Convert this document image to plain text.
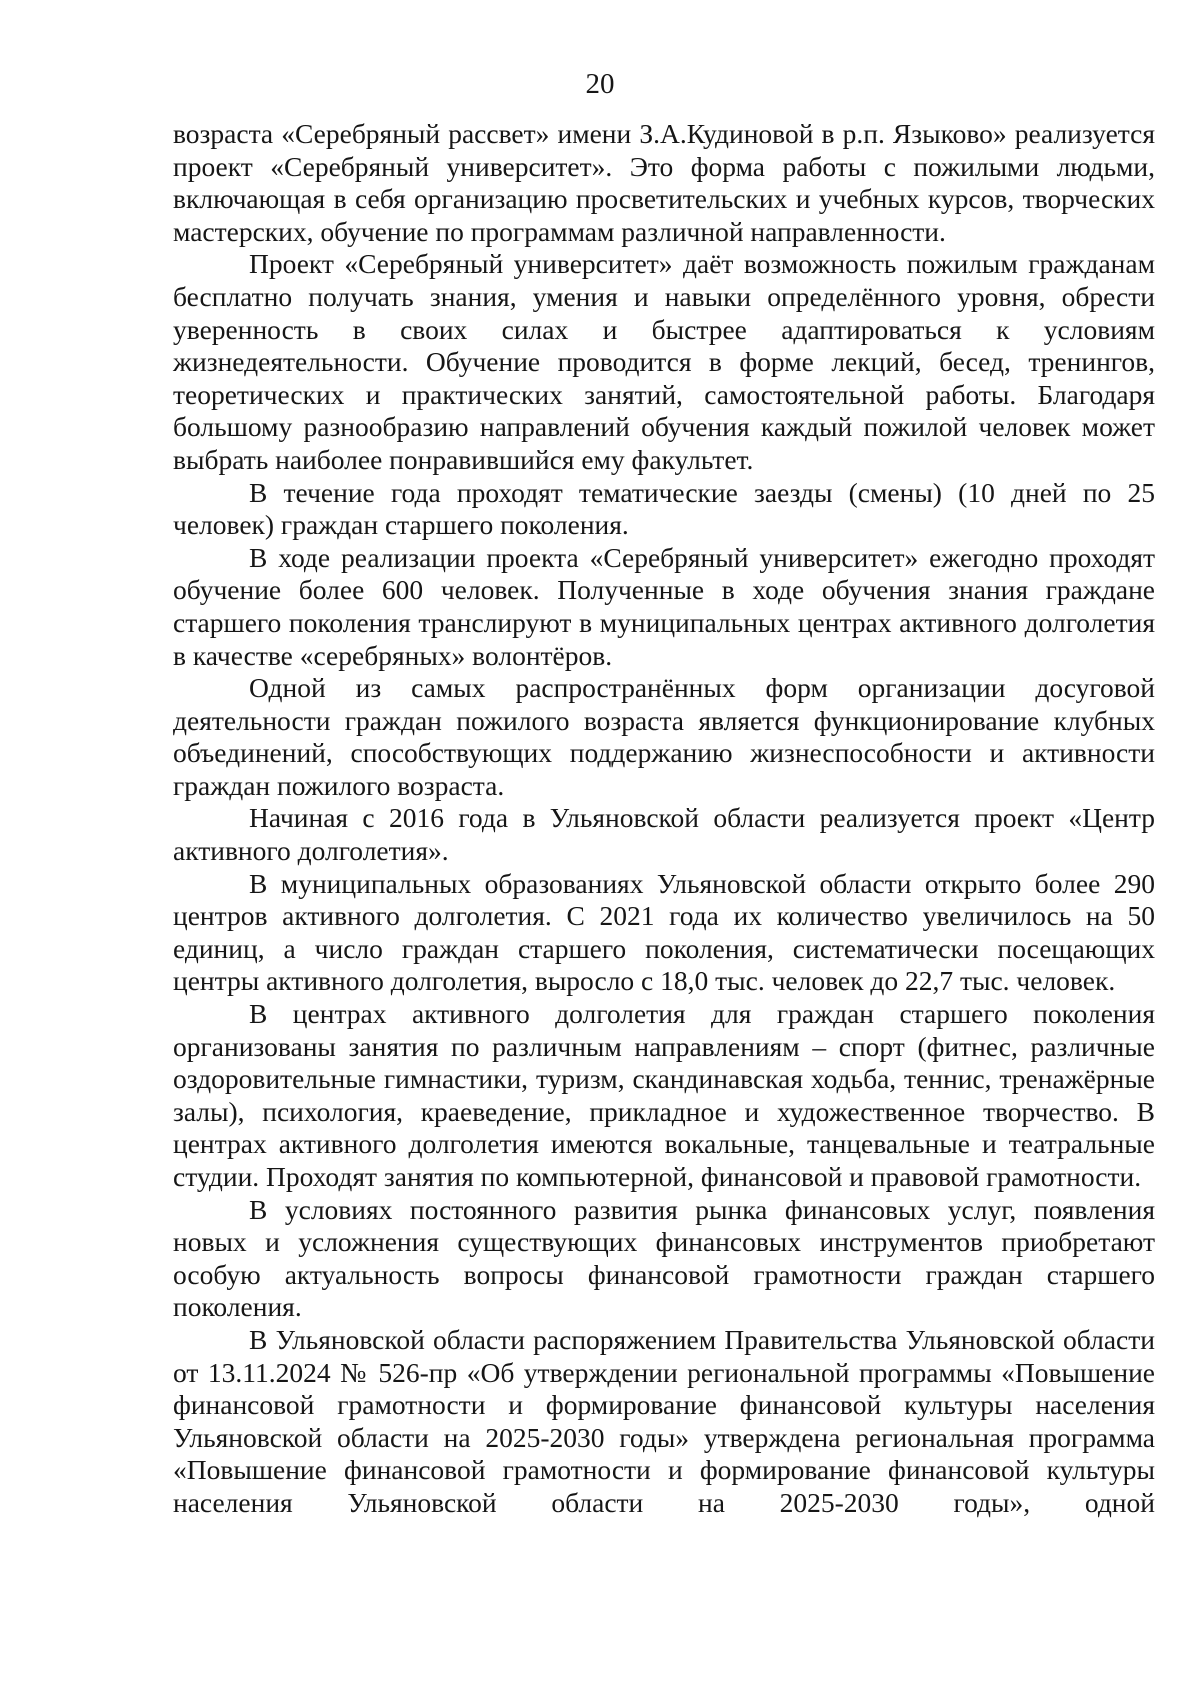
20

возраста «Серебряный рассвет» имени З.А.Кудиновой в р.п. Языково» реализуется проект «Серебряный университет». Это форма работы с пожилыми людьми, включающая в себя организацию просветительских и учебных курсов, творческих мастерских, обучение по программам различной направленности.

Проект «Серебряный университет» даёт возможность пожилым гражданам бесплатно получать знания, умения и навыки определённого уровня, обрести уверенность в своих силах и быстрее адаптироваться к условиям жизнедеятельности. Обучение проводится в форме лекций, бесед, тренингов, теоретических и практических занятий, самостоятельной работы. Благодаря большому разнообразию направлений обучения каждый пожилой человек может выбрать наиболее понравившийся ему факультет.

В течение года проходят тематические заезды (смены) (10 дней по 25 человек) граждан старшего поколения.

В ходе реализации проекта «Серебряный университет» ежегодно проходят обучение более 600 человек. Полученные в ходе обучения знания граждане старшего поколения транслируют в муниципальных центрах активного долголетия в качестве «серебряных» волонтёров.

Одной из самых распространённых форм организации досуговой деятельности граждан пожилого возраста является функционирование клубных объединений, способствующих поддержанию жизнеспособности и активности граждан пожилого возраста.

Начиная с 2016 года в Ульяновской области реализуется проект «Центр активного долголетия».

В муниципальных образованиях Ульяновской области открыто более 290 центров активного долголетия. С 2021 года их количество увеличилось на 50 единиц, а число граждан старшего поколения, систематически посещающих центры активного долголетия, выросло с 18,0 тыс. человек до 22,7 тыс. человек.

В центрах активного долголетия для граждан старшего поколения организованы занятия по различным направлениям – спорт (фитнес, различные оздоровительные гимнастики, туризм, скандинавская ходьба, теннис, тренажёрные залы), психология, краеведение, прикладное и художественное творчество. В центрах активного долголетия имеются вокальные, танцевальные и театральные студии. Проходят занятия по компьютерной, финансовой и правовой грамотности.

В условиях постоянного развития рынка финансовых услуг, появления новых и усложнения существующих финансовых инструментов приобретают особую актуальность вопросы финансовой грамотности граждан старшего поколения.

В Ульяновской области распоряжением Правительства Ульяновской области от 13.11.2024 № 526-пр «Об утверждении региональной программы «Повышение финансовой грамотности и формирование финансовой культуры населения Ульяновской области на 2025-2030 годы» утверждена региональная программа «Повышение финансовой грамотности и формирование финансовой культуры населения Ульяновской области на 2025-2030 годы», одной
